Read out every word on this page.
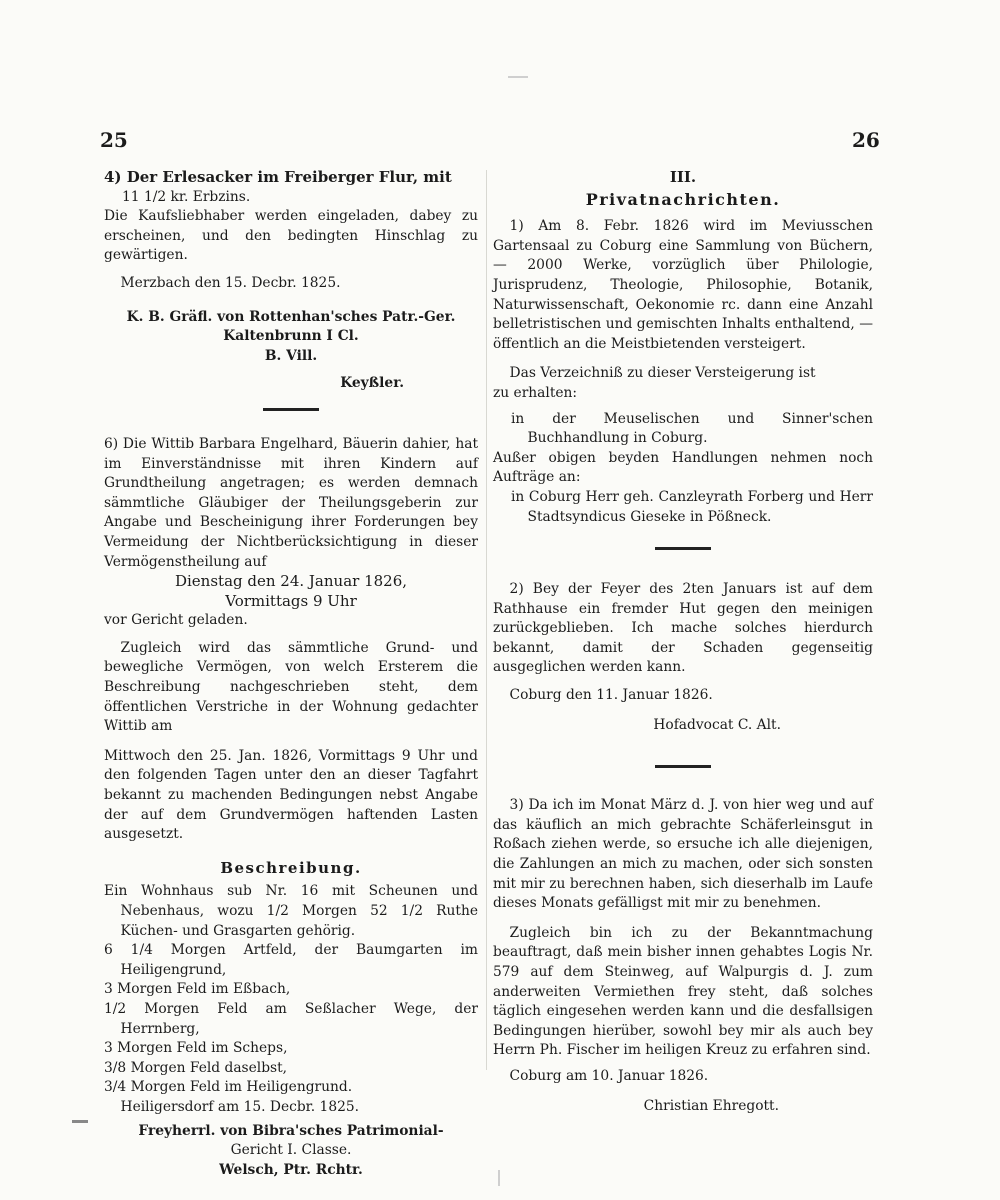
25	26
4) Der Erlesacker im Freiberger Flur, mit
11 1/2 kr. Erbzins.

Die Kaufsliebhaber werden eingeladen, dabey zu erscheinen, und den bedingten Hinschlag zu gewärtigen.

Merzbach den 15. Decbr. 1825.
K. B. Gräfl. von Rottenhan'sches Patr.-Ger.
Kaltenbrunn I Cl.
B. Vill.
Keyßler.

6) Die Wittib Barbara Engelhard, Bäuerin dahier, hat im Einverständnisse mit ihren Kindern auf Grundtheilung angetragen; es werden demnach sämmtliche Gläubiger der Theilungsgeberin zur Angabe und Bescheinigung ihrer Forderungen bey Vermeidung der Nichtberücksichtigung in dieser Vermögenstheilung auf

Dienstag den 24. Januar 1826,
Vormittags 9 Uhr
vor Gericht geladen.

Zugleich wird das sämmtliche Grund- und bewegliche Vermögen, von welch Ersterem die Beschreibung nachgeschrieben steht, dem öffentlichen Verstriche in der Wohnung gedachter Wittib am

Mittwoch den 25. Jan. 1826, Vormittags 9 Uhr und den folgenden Tagen unter den an dieser Tagfahrt bekannt zu machenden Bedingungen nebst Angabe der auf dem Grundvermögen haftenden Lasten ausgesetzt.

Beschreibung.

Ein Wohnhaus sub Nr. 16 mit Scheunen und Nebenhaus, wozu 1/2 Morgen 52 1/2 Ruthe Küchen- und Grasgarten gehörig.

6 1/4 Morgen Artfeld, der Baumgarten im Heiligengrund,

3 Morgen Feld im Eßbach,

1/2 Morgen Feld am Seßlacher Wege, der Herrnberg,

3 Morgen Feld im Scheps,

3/8 Morgen Feld daselbst,

3/4 Morgen Feld im Heiligengrund.

Heiligersdorf am 15. Decbr. 1825.
Freyherrl. von Bibra'sches Patrimonial-
Gericht I. Classe.
Welsch, Ptr. Rchtr.
III.
Privatnachrichten.

1) Am 8. Febr. 1826 wird im Meviusschen Gartensaal zu Coburg eine Sammlung von Büchern, — 2000 Werke, vorzüglich über Philologie, Jurisprudenz, Theologie, Philosophie, Botanik, Naturwissenschaft, Oekonomie rc. dann eine Anzahl belletristischen und gemischten Inhalts enthaltend, — öffentlich an die Meistbietenden versteigert.

Das Verzeichniß zu dieser Versteigerung ist
zu erhalten:

in der Meuselischen und Sinner'schen Buchhandlung in Coburg.

Außer obigen beyden Handlungen nehmen noch Aufträge an:

in Coburg Herr geh. Canzleyrath Forberg und Herr Stadtsyndicus Gieseke in Pößneck.

2) Bey der Feyer des 2ten Januars ist auf dem Rathhause ein fremder Hut gegen den meinigen zurückgeblieben. Ich mache solches hierdurch bekannt, damit der Schaden gegenseitig ausgeglichen werden kann.

Coburg den 11. Januar 1826.
Hofadvocat C. Alt.

3) Da ich im Monat März d. J. von hier weg und auf das käuflich an mich gebrachte Schäferleinsgut in Roßach ziehen werde, so ersuche ich alle diejenigen, die Zahlungen an mich zu machen, oder sich sonsten mit mir zu berechnen haben, sich dieserhalb im Laufe dieses Monats gefälligst mit mir zu benehmen.

Zugleich bin ich zu der Bekanntmachung beauftragt, daß mein bisher innen gehabtes Logis Nr. 579 auf dem Steinweg, auf Walpurgis d. J. zum anderweiten Vermiethen frey steht, daß solches täglich eingesehen werden kann und die desfallsigen Bedingungen hierüber, sowohl bey mir als auch bey Herrn Ph. Fischer im heiligen Kreuz zu erfahren sind.

Coburg am 10. Januar 1826.
Christian Ehregott.
